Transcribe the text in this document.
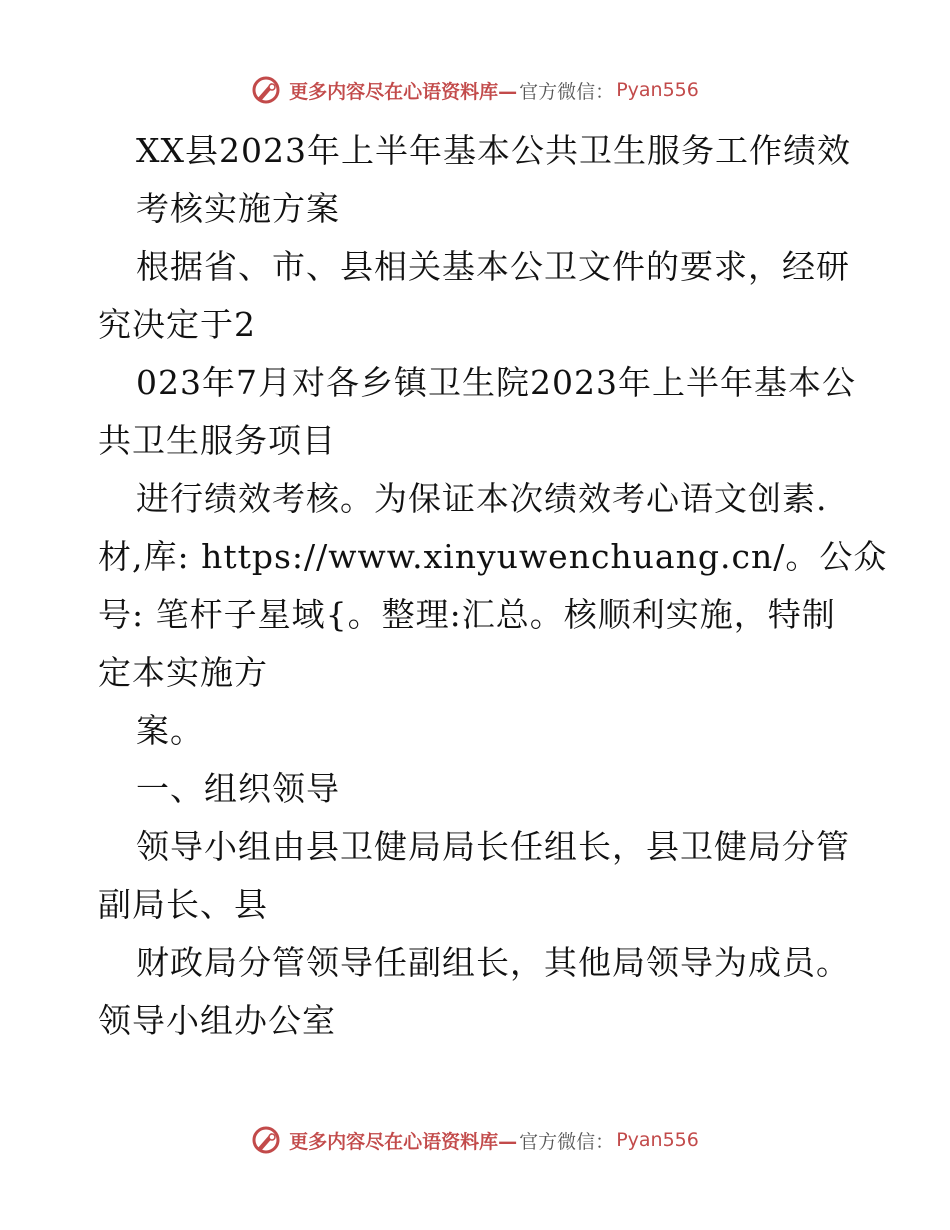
更多内容尽在心语资料库— 官方微信： Pyan556
XX县2023年上半年基本公共卫生服务工作绩效
考核实施方案
根据省、市、县相关基本公卫文件的要求，经研
究决定于2
023年7月对各乡镇卫生院2023年上半年基本公
共卫生服务项目
进行绩效考核。为保证本次绩效考心语文创素.
材,库: https://www.xinyuwenchuang.cn/。公众
号: 笔杆子星域{。整理:汇总。核顺利实施，特制
定本实施方
案。
一、组织领导
领导小组由县卫健局局长任组长，县卫健局分管
副局长、县
财政局分管领导任副组长，其他局领导为成员。
领导小组办公室
更多内容尽在心语资料库— 官方微信： Pyan556
